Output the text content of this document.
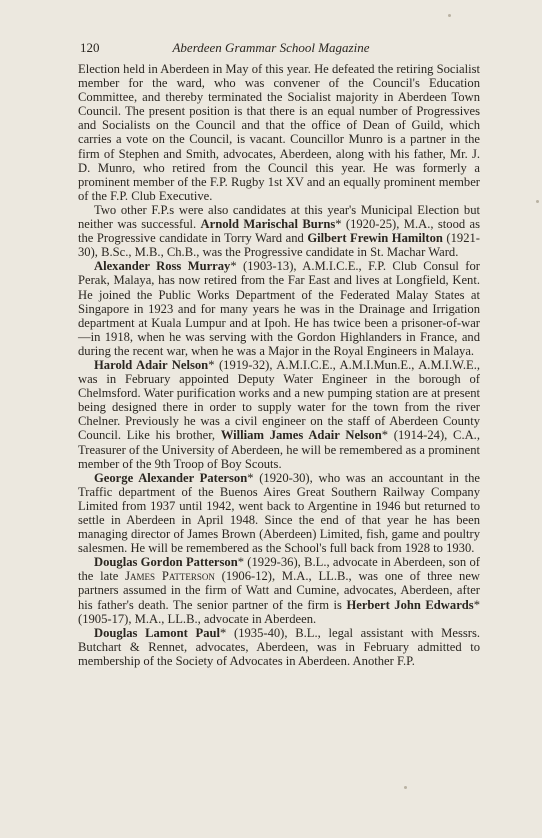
120	Aberdeen Grammar School Magazine

Election held in Aberdeen in May of this year. He defeated the retiring Socialist member for the ward, who was convener of the Council's Education Committee, and thereby terminated the Socialist majority in Aberdeen Town Council. The present position is that there is an equal number of Progressives and Socialists on the Council and that the office of Dean of Guild, which carries a vote on the Council, is vacant. Councillor Munro is a partner in the firm of Stephen and Smith, advocates, Aberdeen, along with his father, Mr. J. D. Munro, who retired from the Council this year. He was formerly a prominent member of the F.P. Rugby 1st XV and an equally prominent member of the F.P. Club Executive.

Two other F.P.s were also candidates at this year's Municipal Election but neither was successful. Arnold Marischal Burns* (1920-25), M.A., stood as the Progressive candidate in Torry Ward and Gilbert Frewin Hamilton (1921-30), B.Sc., M.B., Ch.B., was the Progressive candidate in St. Machar Ward.

Alexander Ross Murray* (1903-13), A.M.I.C.E., F.P. Club Consul for Perak, Malaya, has now retired from the Far East and lives at Longfield, Kent. He joined the Public Works Department of the Federated Malay States at Singapore in 1923 and for many years he was in the Drainage and Irrigation department at Kuala Lumpur and at Ipoh. He has twice been a prisoner-of-war—in 1918, when he was serving with the Gordon Highlanders in France, and during the recent war, when he was a Major in the Royal Engineers in Malaya.

Harold Adair Nelson* (1919-32), A.M.I.C.E., A.M.I.Mun.E., A.M.I.W.E., was in February appointed Deputy Water Engineer in the borough of Chelmsford. Water purification works and a new pumping station are at present being designed there in order to supply water for the town from the river Chelner. Previously he was a civil engineer on the staff of Aberdeen County Council. Like his brother, William James Adair Nelson* (1914-24), C.A., Treasurer of the University of Aberdeen, he will be remembered as a prominent member of the 9th Troop of Boy Scouts.

George Alexander Paterson* (1920-30), who was an accountant in the Traffic department of the Buenos Aires Great Southern Railway Company Limited from 1937 until 1942, went back to Argentine in 1946 but returned to settle in Aberdeen in April 1948. Since the end of that year he has been managing director of James Brown (Aberdeen) Limited, fish, game and poultry salesmen. He will be remembered as the School's full back from 1928 to 1930.

Douglas Gordon Patterson* (1929-36), B.L., advocate in Aberdeen, son of the late James Patterson (1906-12), M.A., LL.B., was one of three new partners assumed in the firm of Watt and Cumine, advocates, Aberdeen, after his father's death. The senior partner of the firm is Herbert John Edwards* (1905-17), M.A., LL.B., advocate in Aberdeen.

Douglas Lamont Paul* (1935-40), B.L., legal assistant with Messrs. Butchart & Rennet, advocates, Aberdeen, was in February admitted to membership of the Society of Advocates in Aberdeen. Another F.P.
